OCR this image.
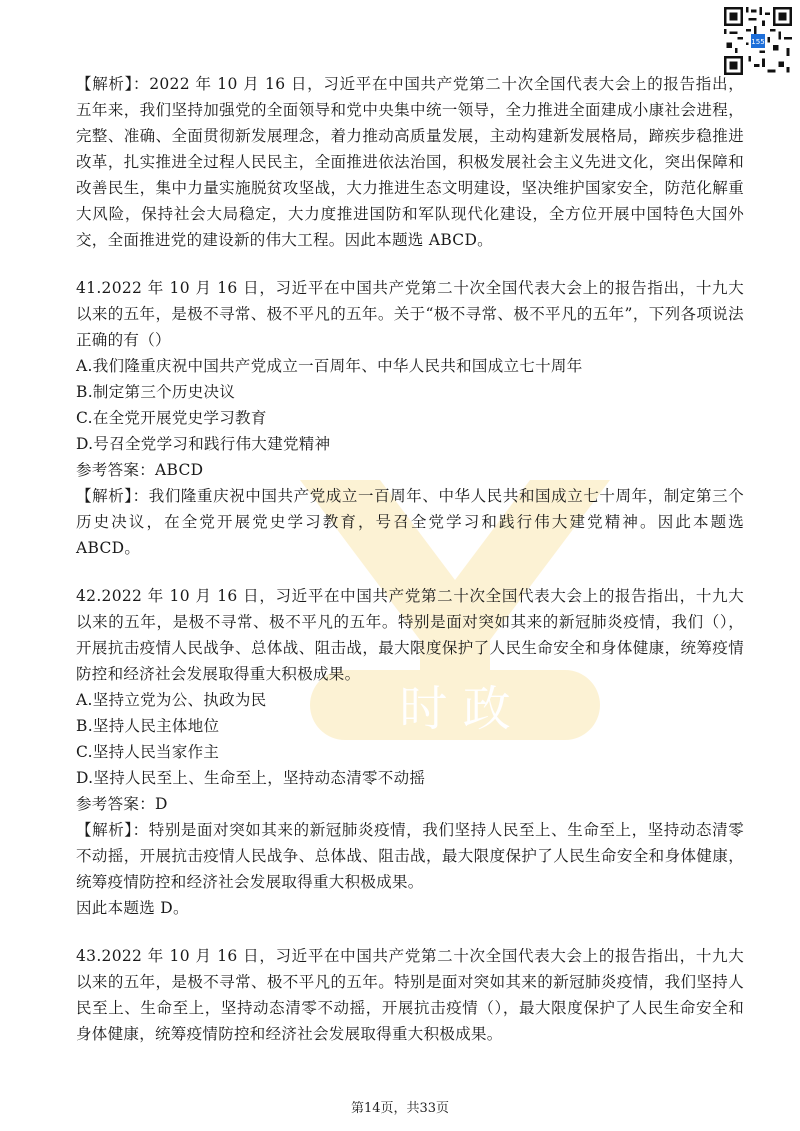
155
时 政

【解析】：2022 年 10 月 16 日，习近平在中国共产党第二十次全国代表大会上的报告指出，五年来，我们坚持加强党的全面领导和党中央集中统一领导，全力推进全面建成小康社会进程，完整、准确、全面贯彻新发展理念，着力推动高质量发展，主动构建新发展格局，蹄疾步稳推进改革，扎实推进全过程人民民主，全面推进依法治国，积极发展社会主义先进文化，突出保障和改善民生，集中力量实施脱贫攻坚战，大力推进生态文明建设，坚决维护国家安全，防范化解重大风险，保持社会大局稳定，大力度推进国防和军队现代化建设，全方位开展中国特色大国外交，全面推进党的建设新的伟大工程。因此本题选 ABCD。

41.2022 年 10 月 16 日，习近平在中国共产党第二十次全国代表大会上的报告指出，十九大以来的五年，是极不寻常、极不平凡的五年。关于“极不寻常、极不平凡的五年”，下列各项说法正确的有（）

A.我们隆重庆祝中国共产党成立一百周年、中华人民共和国成立七十周年

B.制定第三个历史决议

C.在全党开展党史学习教育

D.号召全党学习和践行伟大建党精神

参考答案：ABCD

【解析】：我们隆重庆祝中国共产党成立一百周年、中华人民共和国成立七十周年，制定第三个历史决议，在全党开展党史学习教育，号召全党学习和践行伟大建党精神。因此本题选 ABCD。

42.2022 年 10 月 16 日，习近平在中国共产党第二十次全国代表大会上的报告指出，十九大以来的五年，是极不寻常、极不平凡的五年。特别是面对突如其来的新冠肺炎疫情，我们（），开展抗击疫情人民战争、总体战、阻击战，最大限度保护了人民生命安全和身体健康，统筹疫情防控和经济社会发展取得重大积极成果。

A.坚持立党为公、执政为民

B.坚持人民主体地位

C.坚持人民当家作主

D.坚持人民至上、生命至上，坚持动态清零不动摇

参考答案：D

【解析】：特别是面对突如其来的新冠肺炎疫情，我们坚持人民至上、生命至上，坚持动态清零不动摇，开展抗击疫情人民战争、总体战、阻击战，最大限度保护了人民生命安全和身体健康，统筹疫情防控和经济社会发展取得重大积极成果。

因此本题选 D。

43.2022 年 10 月 16 日，习近平在中国共产党第二十次全国代表大会上的报告指出，十九大以来的五年，是极不寻常、极不平凡的五年。特别是面对突如其来的新冠肺炎疫情，我们坚持人民至上、生命至上，坚持动态清零不动摇，开展抗击疫情（），最大限度保护了人民生命安全和身体健康，统筹疫情防控和经济社会发展取得重大积极成果。

第14页，共33页
